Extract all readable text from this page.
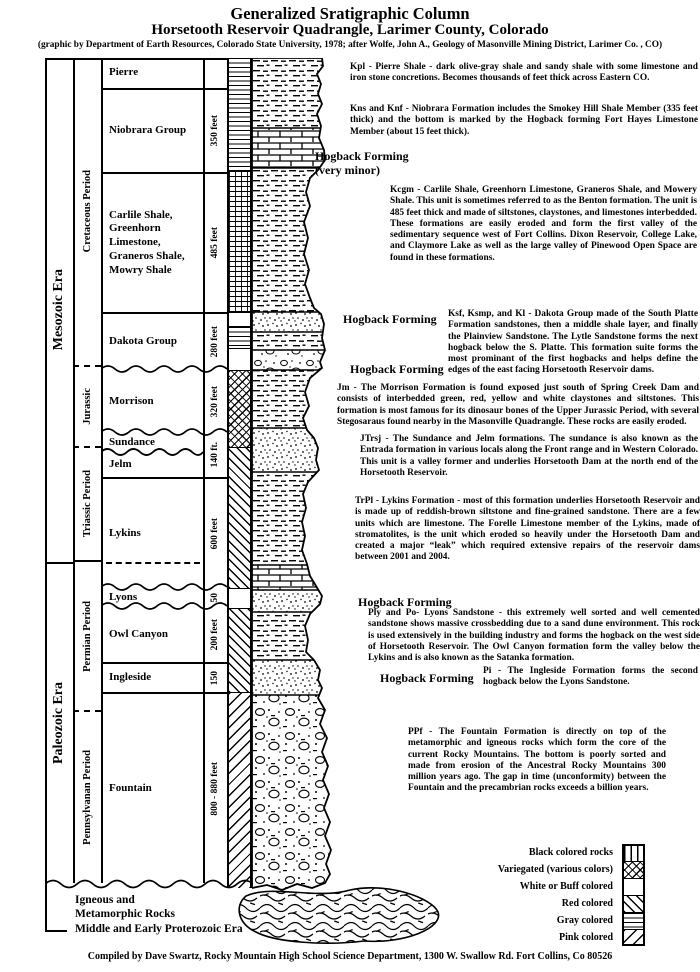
Generalized Sratigraphic Column
Horsetooth Reservoir Quadrangle, Larimer County, Colorado
(graphic by Department of Earth Resources, Colorado State University, 1978; after Wolfe, John A., Geology of Masonville Mining District, Larimer Co. , CO)
Mesozoic Era
Paleozoic Era
Cretaceous Period
Jurassic
Triassic Period
Permian Period
Pennsylvanan Period
Pierre
Niobrara Group
Carlile Shale, Greenhorn Limestone, Graneros Shale, Mowry Shale
Dakota Group
Morrison
Sundance
Jelm
Lykins
Lyons
Owl Canyon
Ingleside
Fountain
350 feet
485 feet
280 feet
320 feet
140 ft.
600 feet
50
200 feet
150
800 - 880 feet
Kpl - Pierre Shale - dark olive-gray shale and sandy shale with some limestone and iron stone concretions. Becomes thousands of feet thick across Eastern CO.
Kns and Knf - Niobrara Formation includes the Smokey Hill Shale Member (335 feet thick) and the bottom is marked by the Hogback forming Fort Hayes Limestone Member (about 15 feet thick).
Hogback Forming
(very minor)
Kcgm - Carlile Shale, Greenhorn Limestone, Graneros Shale, and Mowery Shale. This unit is sometimes referred to as the Benton formation. The unit is 485 feet thick and made of siltstones, claystones, and limestones interbedded. These formations are easily eroded and form the first valley of the sedimentary sequence west of Fort Collins. Dixon Reservoir, College Lake, and Claymore Lake as well as the large valley of Pinewood Open Space are found in these formations.
Hogback Forming
Hogback Forming
Ksf, Ksmp, and Kl - Dakota Group made of the South Platte Formation sandstones, then a middle shale layer, and finally the Plainview Sandstone. The Lytle Sandstone forms the next hogback below the S. Platte. This formation suite forms the most prominant of the first hogbacks and helps define the edges of the east facing Horsetooth Reservoir dams.
Jm - The Morrison Formation is found exposed just south of Spring Creek Dam and consists of interbedded green, red, yellow and white claystones and siltstones. This formation is most famous for its dinosaur bones of the Upper Jurassic Period, with several Stegosaraus found nearby in the Masonville Quadrangle. These rocks are easily eroded.
JTrsj - The Sundance and Jelm formations. The sundance is also known as the Entrada formation in various locals along the Front range and in Western Colorado. This unit is a valley former and underlies Horsetooth Dam at the north end of the Horsetooth Reservoir.
TrPl - Lykins Formation - most of this formation underlies Horsetooth Reservoir and is made up of reddish-brown siltstone and fine-grained sandstone. There are a few units which are limestone. The Forelle Limestone member of the Lykins, made of stromatolites, is the unit which eroded so heavily under the Horsetooth Dam and created a major “leak” which required extensive repairs of the reservoir dams between 2001 and 2004.
Hogback Forming
Ply and Po- Lyons Sandstone - this extremely well sorted and well cemented sandstone shows massive crossbedding due to a sand dune environment. This rock is used extensively in the building industry and forms the hogback on the west side of Horsetooth Reservoir. The Owl Canyon formation form the valley below the Lykins and is also known as the Satanka formation.
Hogback Forming Pi - The Ingleside Formation forms the second hogback below the Lyons Sandstone.
PPf - The Fountain Formation is directly on top of the metamorphic and igneous rocks which form the core of the current Rocky Mountains. The bottom is poorly sorted and made from erosion of the Ancestral Rocky Mountains 300 million years ago. The gap in time (unconformity) between the Fountain and the precambrian rocks exceeds a billion years.
Igneous and
Metamorphic Rocks
Middle and Early Proterozoic Era
Black colored rocks
Variegated (various colors)
White or Buff colored
Red colored
Gray colored
Pink colored
Compiled by Dave Swartz, Rocky Mountain High School Science Department, 1300 W. Swallow Rd. Fort Collins, Co 80526
